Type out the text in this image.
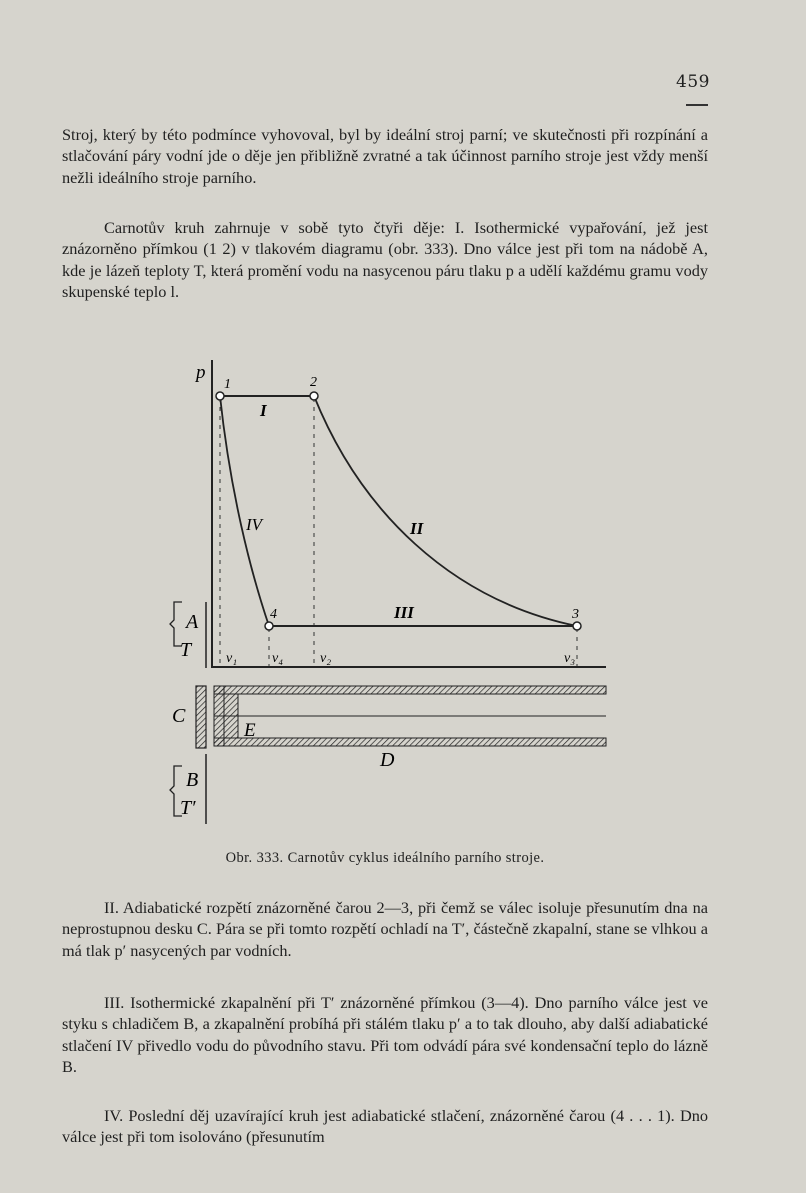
459

Stroj, který by této podmínce vyhovoval, byl by ideální stroj parní; ve skutečnosti při rozpínání a stlačování páry vodní jde o děje jen přibližně zvratné a tak účinnost parního stroje jest vždy menší nežli ideálního stroje parního.

Carnotův kruh zahrnuje v sobě tyto čtyři děje: I. Isothermické vypařování, jež jest znázorněno přímkou (1 2) v tlakovém diagramu (obr. 333). Dno válce jest při tom na nádobě A, kde je lázeň teploty T, která promění vodu na nasycenou páru tlaku p a udělí každému gramu vody skupenské teplo l.

p
1	2
3
4
I
II
III
IV
v₁ v₄	v₂	v₃
A
T
C
E
D
B
T′
Obr. 333. Carnotův cyklus ideálního parního stroje.

II. Adiabatické rozpětí znázorněné čarou 2—3, při čemž se válec isoluje přesunutím dna na neprostupnou desku C. Pára se při tomto rozpětí ochladí na T′, částečně zkapalní, stane se vlhkou a má tlak p′ nasycených par vodních.

III. Isothermické zkapalnění při T′ znázorněné přímkou (3—4). Dno parního válce jest ve styku s chladičem B, a zkapalnění probíhá při stálém tlaku p′ a to tak dlouho, aby další adiabatické stlačení IV přivedlo vodu do původního stavu. Při tom odvádí pára své kondensační teplo do lázně B.

IV. Poslední děj uzavírající kruh jest adiabatické stlačení, znázorněné čarou (4 . . . 1). Dno válce jest při tom isolováno (přesunutím
